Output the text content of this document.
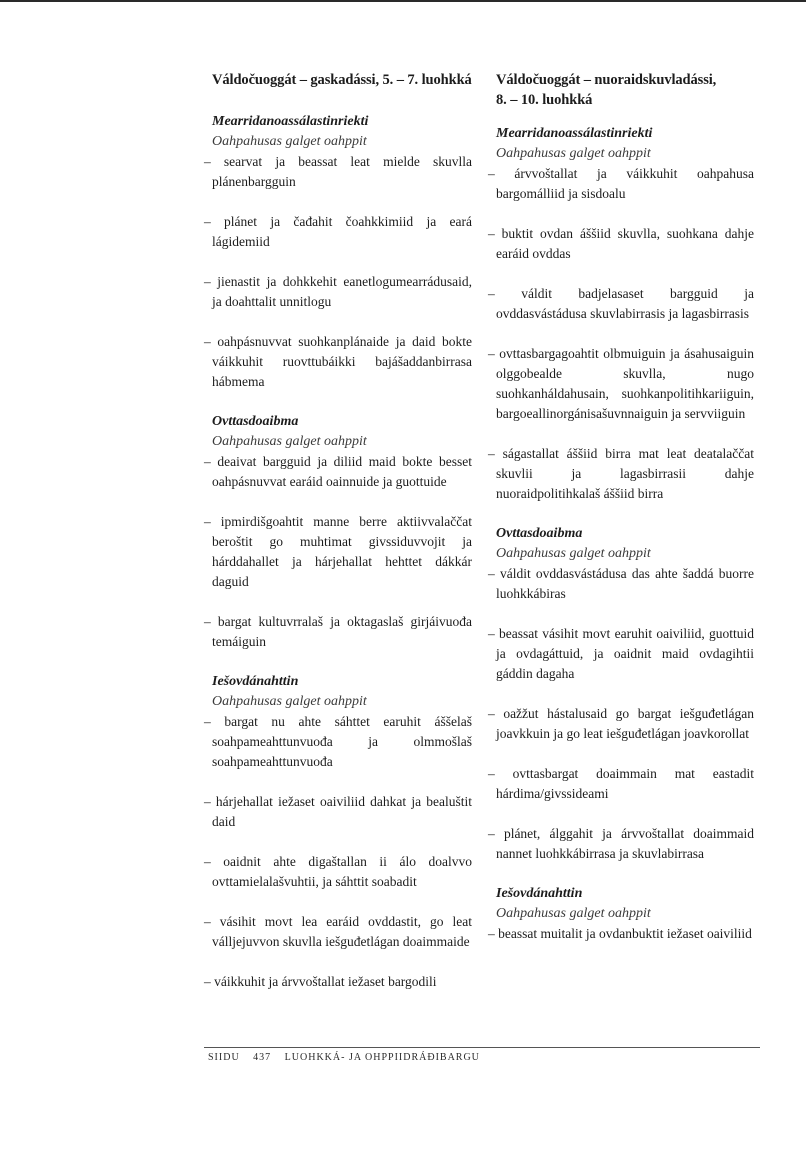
Váldočuoggát – gaskadássi, 5. – 7. luohkká
Mearridanoassálastinriekti
Oahpahusas galget oahppit
– searvat ja beassat leat mielde skuvlla plánenbargguin
– plánet ja čađahit čoahkkimiid ja eará lágidemiid
– jienastit ja dohkkehit eanetlogumearrádusaid, ja doahttalit unnitlogu
– oahpásnuvvat suohkanplánaide ja daid bokte váikkuhit ruovttubáikki bajášaddanbirrasa hábmema
Ovttasdoaibma
Oahpahusas galget oahppit
– deaivat bargguid ja diliid maid bokte besset oahpásnuvvat earáid oainnuide ja guottuide
– ipmirdišgoahtit manne berre aktiivvalaččat beroštit go muhtimat givssiduvvojit ja hárddahallet ja hárjehallat hehttet dákkár daguid
– bargat kultuvrralaš ja oktagaslaš girjáivuođa temáiguin
Iešovdánahttin
Oahpahusas galget oahppit
– bargat nu ahte sáhttet earuhit áššelaš soahpameahttunvuođa ja olmmošlaš soahpameahttunvuođa
– hárjehallat iežaset oaiviliid dahkat ja bealuštit daid
– oaidnit ahte digaštallan ii álo doalvvo ovttamielalašvuhtii, ja sáhttit soabadit
– vásihit movt lea earáid ovddastit, go leat válljejuvvon skuvlla iešguđetlágan doaimmaide
– váikkuhit ja árvvoštallat iežaset bargodili
Váldočuoggát – nuoraidskuvladássi,
8. – 10. luohkká
Mearridanoassálastinriekti
Oahpahusas galget oahppit
– árvvoštallat ja váikkuhit oahpahusa bargomálliid ja sisdoalu
– buktit ovdan áššiid skuvlla, suohkana dahje earáid ovddas
– váldit badjelasaset bargguid ja ovddasvástádusa skuvlabirrasis ja lagasbirrasis
– ovttasbargagoahtit olbmuiguin ja ásahusaiguin olggobealde skuvlla, nugo suohkanháldahusain, suohkanpolitihkariiguin, bargoeallinorgánisašuvnnaiguin ja servviiguin
– ságastallat áššiid birra mat leat deatalaččat skuvlii ja lagasbirrasii dahje nuoraidpolitihkalaš áššiid birra
Ovttasdoaibma
Oahpahusas galget oahppit
– váldit ovddasvástádusa das ahte šaddá buorre luohkkábiras
– beassat vásihit movt earuhit oaiviliid, guottuid ja ovdagáttuid, ja oaidnit maid ovdagihtii gáddin dagaha
– oažžut hástalusaid go bargat iešguđetlágan joavkkuin ja go leat iešguđetlágan joavkorollat
– ovttasbargat doaimmain mat eastadit hárdima/givssideami
– plánet, álggahit ja árvvoštallat doaimmaid nannet luohkkábirrasa ja skuvlabirrasa
Iešovdánahttin
Oahpahusas galget oahppit
– beassat muitalit ja ovdanbuktit iežaset oaiviliid
SIIDU 437 LUOHKKÁ- JA OHPPIIDRÁĐIBARGU
